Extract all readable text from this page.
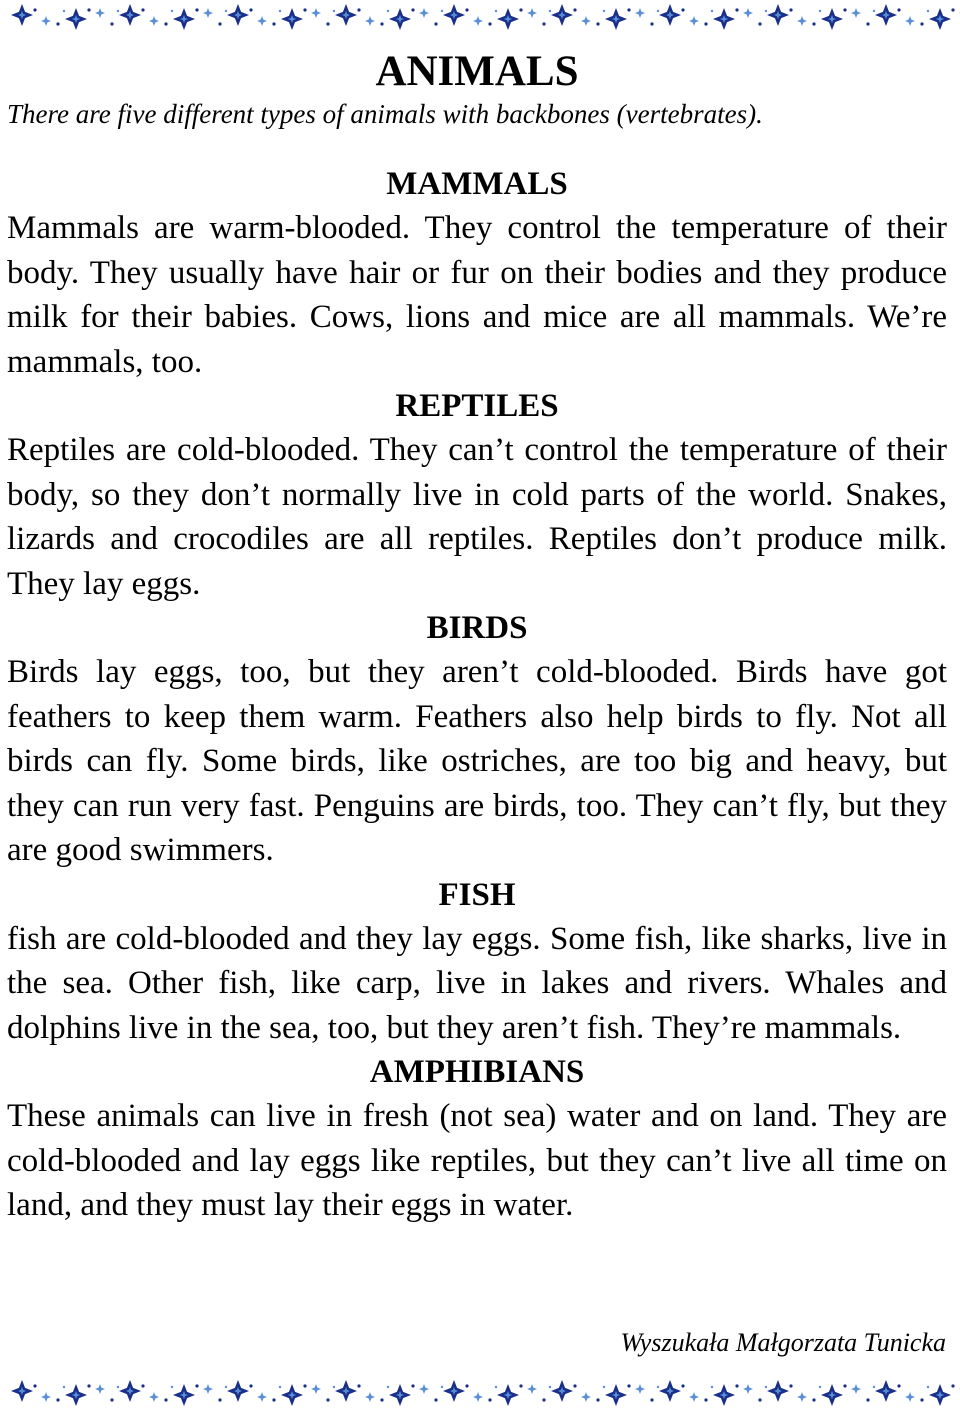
ANIMALS

There are five different types of animals with backbones (vertebrates).

MAMMALS

Mammals are warm-blooded. They control the temperature of their body. They usually have hair or fur on their bodies and they produce milk for their babies. Cows, lions and mice are all mammals. We’re mammals, too.

REPTILES

Reptiles are cold-blooded. They can’t control the temperature of their body, so they don’t normally live in cold parts of the world. Snakes, lizards and crocodiles are all reptiles. Reptiles don’t produce milk. They lay eggs.

BIRDS

Birds lay eggs, too, but they aren’t cold-blooded. Birds have got feathers to keep them warm. Feathers also help birds to fly. Not all birds can fly. Some birds, like ostriches, are too big and heavy, but they can run very fast. Penguins are birds, too. They can’t fly, but they are good swimmers.

FISH

fish are cold-blooded and they lay eggs. Some fish, like sharks, live in the sea. Other fish, like carp, live in lakes and rivers. Whales and dolphins live in the sea, too, but they aren’t fish. They’re mammals.

AMPHIBIANS

These animals can live in fresh (not sea) water and on land. They are cold-blooded and lay eggs like reptiles, but they can’t live all time on land, and they must lay their eggs in water.

Wyszukała Małgorzata Tunicka
